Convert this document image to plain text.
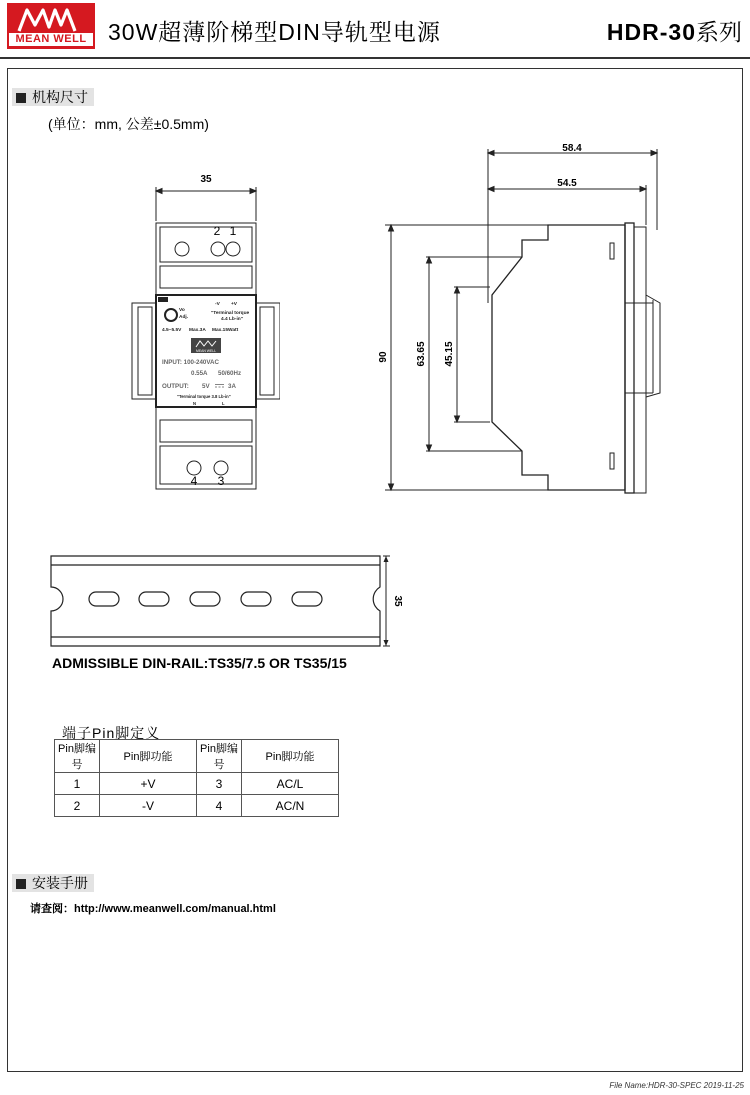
MEAN WELL 30W超薄阶梯型DIN导轨型电源	HDR-30系列
机构尺寸
(单位：mm, 公差±0.5mm)
35
2 1
4 3
Vo
Adj.
-V +V
"Terminal torque
4.4 Lb-in"
4.5~5.5V Max.3A Max.15Watt
MEAN WELL
INPUT: 100-240VAC
0.55A 50/60Hz
OUTPUT: 5V	3A
"Terminal torque 3.8 Lb-in"
N	L
58.4
54.5
90	63.65 45.15
35
ADMISSIBLE DIN-RAIL:TS35/7.5 OR TS35/15
端子Pin脚定义
Pin脚编号	Pin脚功能	Pin脚编号	Pin脚功能
1	+V	3	AC/L
2	-V	4	AC/N
安装手册
请查阅：http://www.meanwell.com/manual.html
File Name:HDR-30-SPEC 2019-11-25
